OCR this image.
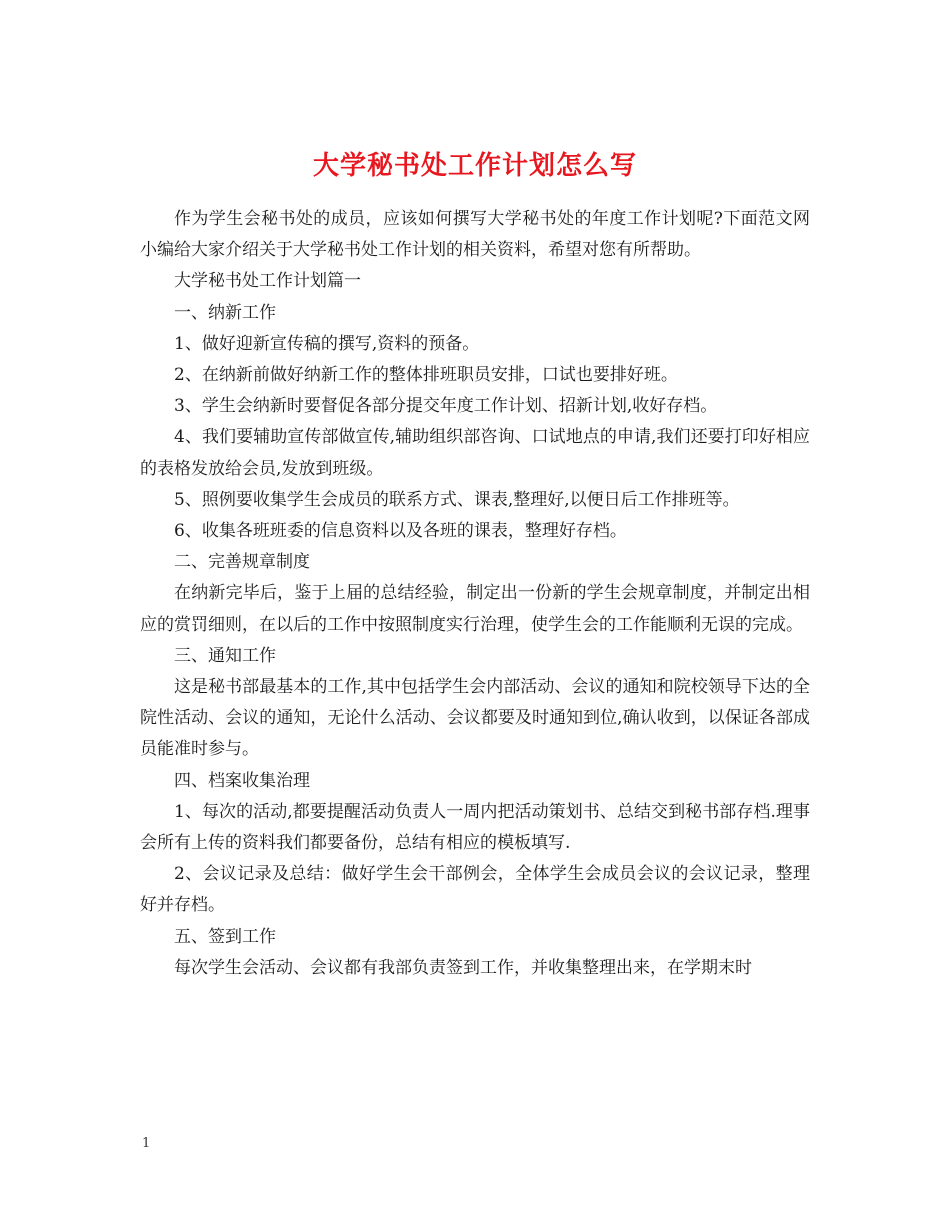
大学秘书处工作计划怎么写

作为学生会秘书处的成员，应该如何撰写大学秘书处的年度工作计划呢?下面范文网小编给大家介绍关于大学秘书处工作计划的相关资料，希望对您有所帮助。

大学秘书处工作计划篇一

一、纳新工作

1、做好迎新宣传稿的撰写,资料的预备。

2、在纳新前做好纳新工作的整体排班职员安排，口试也要排好班。

3、学生会纳新时要督促各部分提交年度工作计划、招新计划,收好存档。

4、我们要辅助宣传部做宣传,辅助组织部咨询、口试地点的申请,我们还要打印好相应的表格发放给会员,发放到班级。

5、照例要收集学生会成员的联系方式、课表,整理好,以便日后工作排班等。

6、收集各班班委的信息资料以及各班的课表，整理好存档。

二、完善规章制度

在纳新完毕后，鉴于上届的总结经验，制定出一份新的学生会规章制度，并制定出相应的赏罚细则，在以后的工作中按照制度实行治理，使学生会的工作能顺利无误的完成。

三、通知工作

这是秘书部最基本的工作,其中包括学生会内部活动、会议的通知和院校领导下达的全院性活动、会议的通知，无论什么活动、会议都要及时通知到位,确认收到，以保证各部成员能准时参与。

四、档案收集治理

1、每次的活动,都要提醒活动负责人一周内把活动策划书、总结交到秘书部存档.理事会所有上传的资料我们都要备份，总结有相应的模板填写.

2、会议记录及总结：做好学生会干部例会，全体学生会成员会议的会议记录，整理好并存档。

五、签到工作

每次学生会活动、会议都有我部负责签到工作，并收集整理出来，在学期末时

1
